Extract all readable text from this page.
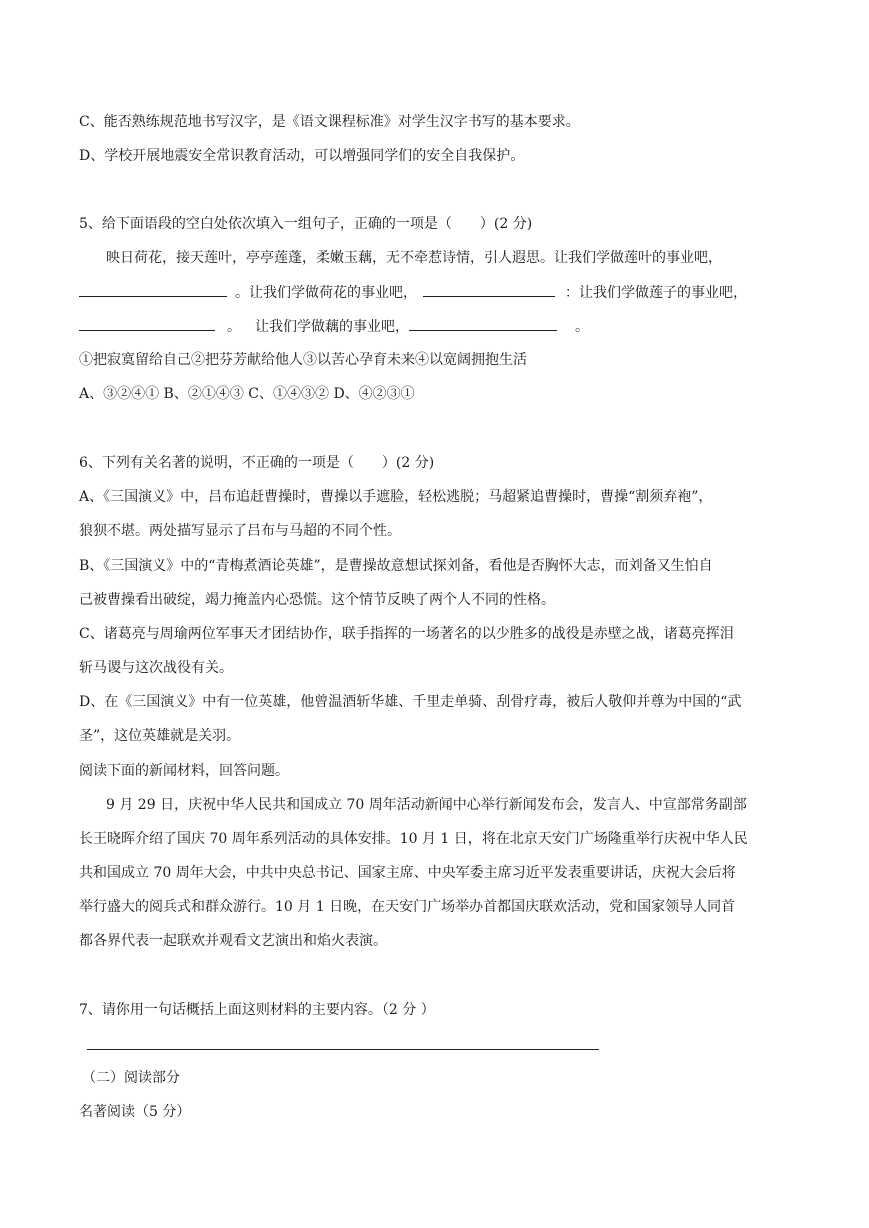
C、能否熟练规范地书写汉字，是《语文课程标准》对学生汉字书写的基本要求。
D、学校开展地震安全常识教育活动，可以增强同学们的安全自我保护。
5、给下面语段的空白处依次填入一组句子，正确的一项是（　　）(2 分)
映日荷花，接天莲叶，亭亭莲蓬，柔嫩玉藕，无不牵惹诗情，引人遐思。让我们学做莲叶的事业吧，
。让我们学做荷花的事业吧，	：让我们学做莲子的事业吧，
。 让我们学做藕的事业吧，	。
①把寂寞留给自己②把芬芳献给他人③以苦心孕育未来④以宽阔拥抱生活
A、③②④① B、②①④③ C、①④③② D、④②③①
6、下列有关名著的说明，不正确的一项是（　　）(2 分)
A、《三国演义》中，吕布追赶曹操时，曹操以手遮脸，轻松逃脱；马超紧追曹操时，曹操“割须弃袍”，
狼狈不堪。两处描写显示了吕布与马超的不同个性。
B、《三国演义》中的“青梅煮酒论英雄”，是曹操故意想试探刘备，看他是否胸怀大志，而刘备又生怕自
己被曹操看出破绽，竭力掩盖内心恐慌。这个情节反映了两个人不同的性格。
C、诸葛亮与周瑜两位军事天才团结协作，联手指挥的一场著名的以少胜多的战役是赤壁之战，诸葛亮挥泪
斩马谡与这次战役有关。
D、在《三国演义》中有一位英雄，他曾温酒斩华雄、千里走单骑、刮骨疗毒，被后人敬仰并尊为中国的“武
圣”，这位英雄就是关羽。
阅读下面的新闻材料，回答问题。
9 月 29 日，庆祝中华人民共和国成立 70 周年活动新闻中心举行新闻发布会，发言人、中宣部常务副部
长王晓晖介绍了国庆 70 周年系列活动的具体安排。10 月 1 日，将在北京天安门广场隆重举行庆祝中华人民
共和国成立 70 周年大会，中共中央总书记、国家主席、中央军委主席习近平发表重要讲话，庆祝大会后将
举行盛大的阅兵式和群众游行。10 月 1 日晚，在天安门广场举办首都国庆联欢活动，党和国家领导人同首
都各界代表一起联欢并观看文艺演出和焰火表演。
7、请你用一句话概括上面这则材料的主要内容。（2 分 ）
（二）阅读部分
名著阅读（5 分）
